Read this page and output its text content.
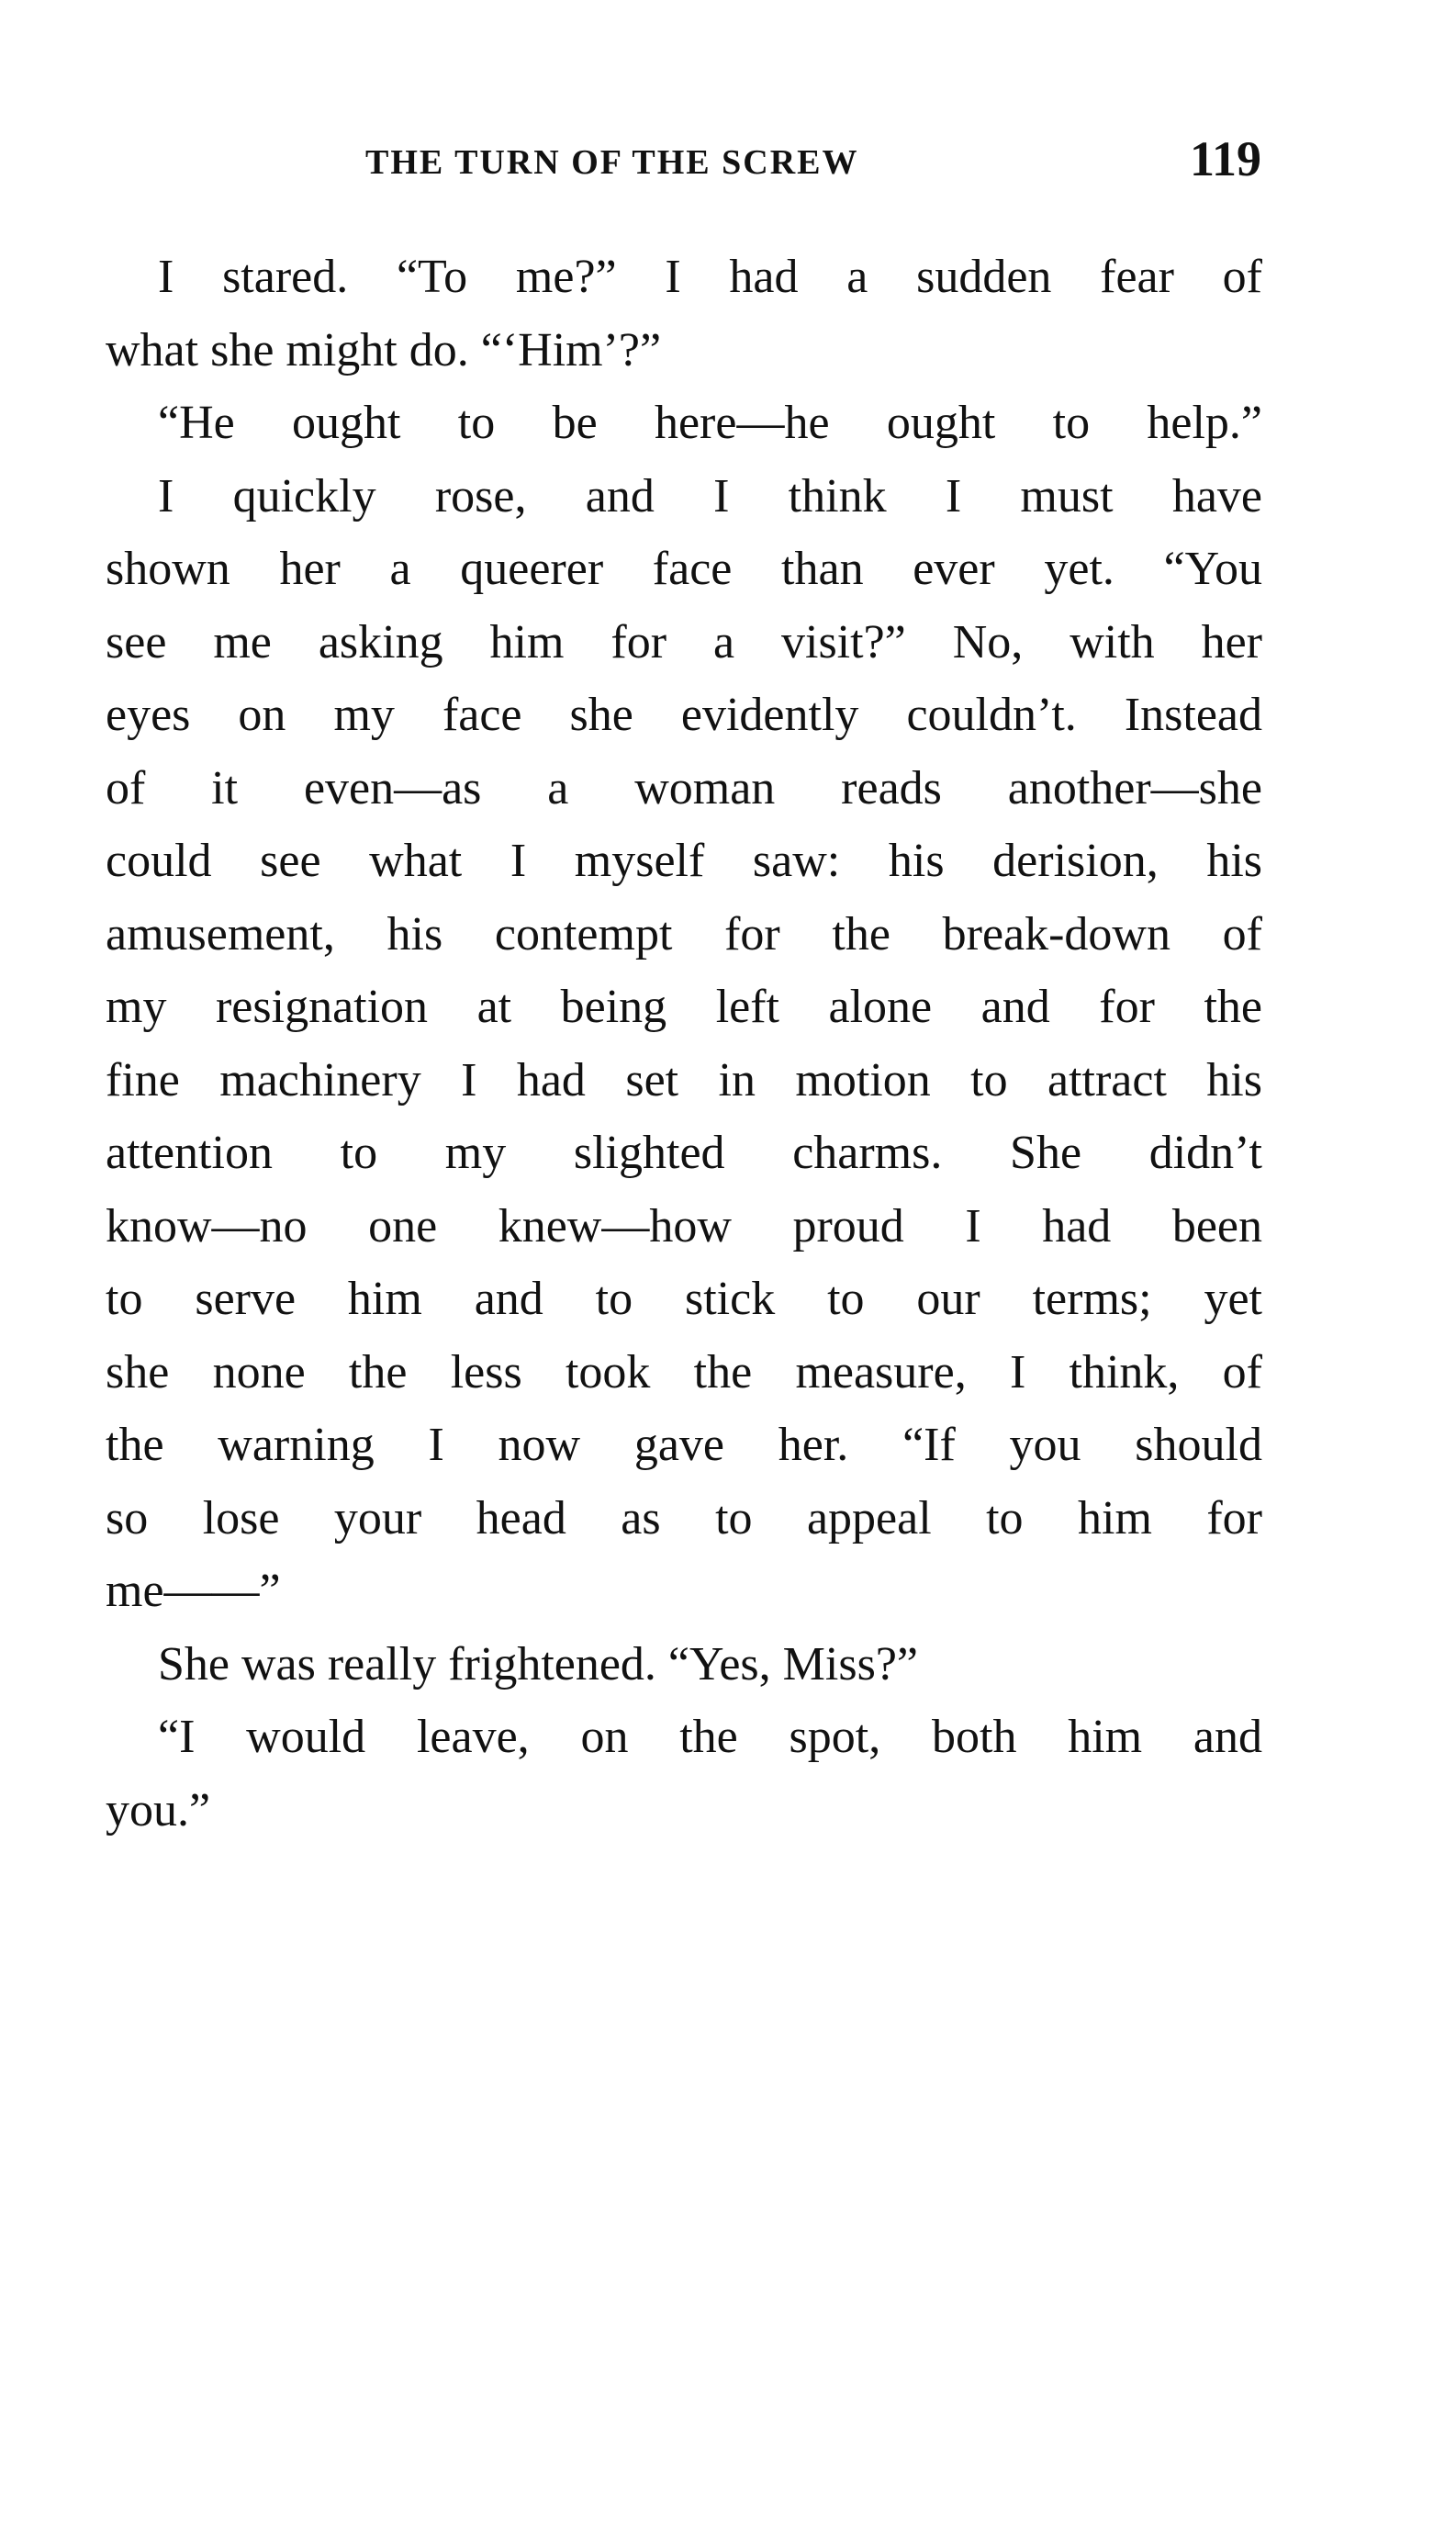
THE TURN OF THE SCREW	119
I stared. “To me?” I had a sudden fear of
what she might do. “‘Him’?”
“He ought to be here—he ought to help.”
I quickly rose, and I think I must have
shown her a queerer face than ever yet. “You
see me asking him for a visit?” No, with her
eyes on my face she evidently couldn’t. Instead
of it even—as a woman reads another—she
could see what I myself saw: his derision, his
amusement, his contempt for the break-down of
my resignation at being left alone and for the
fine machinery I had set in motion to attract his
attention to my slighted charms. She didn’t
know—no one knew—how proud I had been
to serve him and to stick to our terms; yet
she none the less took the measure, I think, of
the warning I now gave her. “If you should
so lose your head as to appeal to him for
me——”
She was really frightened. “Yes, Miss?”
“I would leave, on the spot, both him and
you.”
